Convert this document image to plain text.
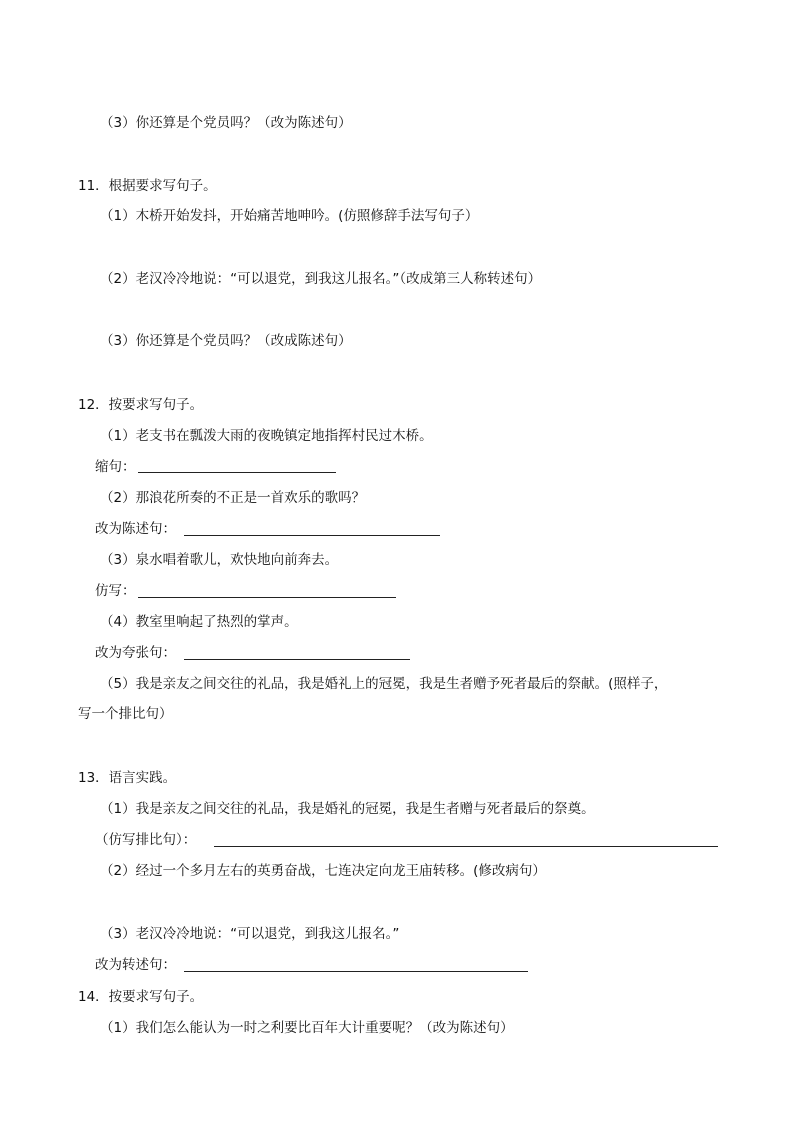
（3）你还算是个党员吗？（改为陈述句）
11．根据要求写句子。
（1）木桥开始发抖，开始痛苦地呻吟。(仿照修辞手法写句子）
（2）老汉冷冷地说：“可以退党，到我这儿报名。”（改成第三人称转述句）
（3）你还算是个党员吗？（改成陈述句）
12．按要求写句子。
（1）老支书在瓢泼大雨的夜晚镇定地指挥村民过木桥。
缩句：
（2）那浪花所奏的不正是一首欢乐的歌吗？
改为陈述句：
（3）泉水唱着歌儿，欢快地向前奔去。
仿写：
（4）教室里响起了热烈的掌声。
改为夸张句：
（5）我是亲友之间交往的礼品，我是婚礼上的冠冕，我是生者赠予死者最后的祭献。(照样子，
写一个排比句）
13．语言实践。
（1）我是亲友之间交往的礼品，我是婚礼的冠冕，我是生者赠与死者最后的祭奠。
（仿写排比句）：
（2）经过一个多月左右的英勇奋战，七连决定向龙王庙转移。(修改病句）
（3）老汉冷冷地说：“可以退党，到我这儿报名。”
改为转述句：
14．按要求写句子。
（1）我们怎么能认为一时之利要比百年大计重要呢？（改为陈述句）
